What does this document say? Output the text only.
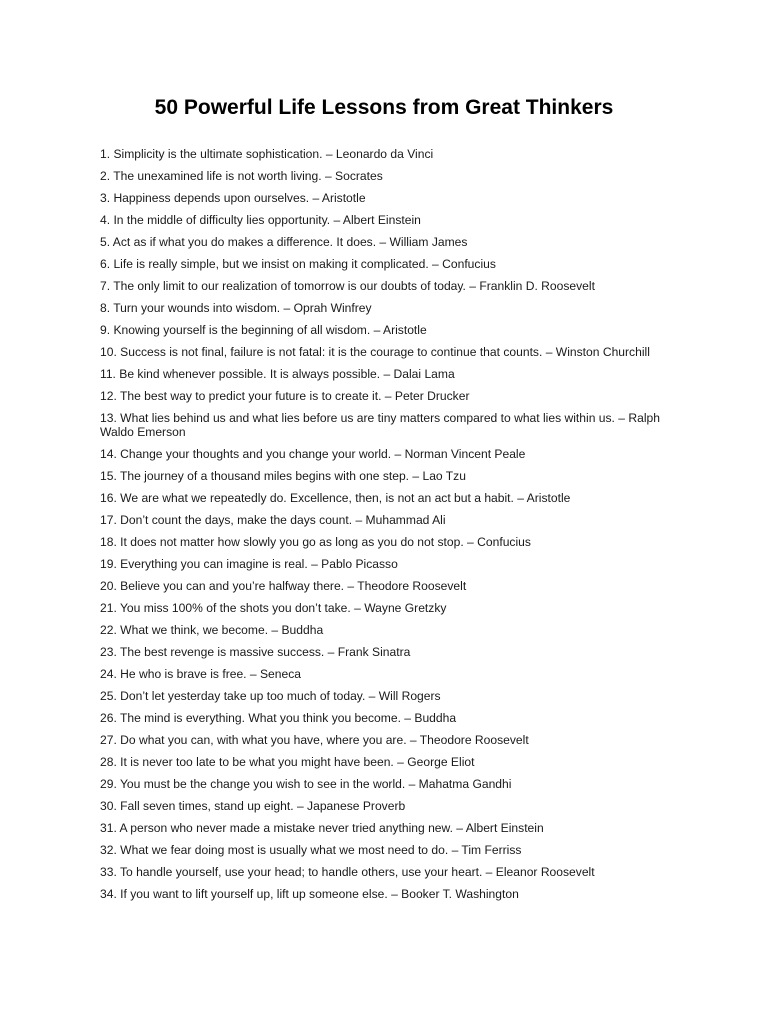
50 Powerful Life Lessons from Great Thinkers
1. Simplicity is the ultimate sophistication. – Leonardo da Vinci
2. The unexamined life is not worth living. – Socrates
3. Happiness depends upon ourselves. – Aristotle
4. In the middle of difficulty lies opportunity. – Albert Einstein
5. Act as if what you do makes a difference. It does. – William James
6. Life is really simple, but we insist on making it complicated. – Confucius
7. The only limit to our realization of tomorrow is our doubts of today. – Franklin D. Roosevelt
8. Turn your wounds into wisdom. – Oprah Winfrey
9. Knowing yourself is the beginning of all wisdom. – Aristotle
10. Success is not final, failure is not fatal: it is the courage to continue that counts. – Winston Churchill
11. Be kind whenever possible. It is always possible. – Dalai Lama
12. The best way to predict your future is to create it. – Peter Drucker
13. What lies behind us and what lies before us are tiny matters compared to what lies within us. – Ralph Waldo Emerson
14. Change your thoughts and you change your world. – Norman Vincent Peale
15. The journey of a thousand miles begins with one step. – Lao Tzu
16. We are what we repeatedly do. Excellence, then, is not an act but a habit. – Aristotle
17. Don’t count the days, make the days count. – Muhammad Ali
18. It does not matter how slowly you go as long as you do not stop. – Confucius
19. Everything you can imagine is real. – Pablo Picasso
20. Believe you can and you’re halfway there. – Theodore Roosevelt
21. You miss 100% of the shots you don’t take. – Wayne Gretzky
22. What we think, we become. – Buddha
23. The best revenge is massive success. – Frank Sinatra
24. He who is brave is free. – Seneca
25. Don’t let yesterday take up too much of today. – Will Rogers
26. The mind is everything. What you think you become. – Buddha
27. Do what you can, with what you have, where you are. – Theodore Roosevelt
28. It is never too late to be what you might have been. – George Eliot
29. You must be the change you wish to see in the world. – Mahatma Gandhi
30. Fall seven times, stand up eight. – Japanese Proverb
31. A person who never made a mistake never tried anything new. – Albert Einstein
32. What we fear doing most is usually what we most need to do. – Tim Ferriss
33. To handle yourself, use your head; to handle others, use your heart. – Eleanor Roosevelt
34. If you want to lift yourself up, lift up someone else. – Booker T. Washington
